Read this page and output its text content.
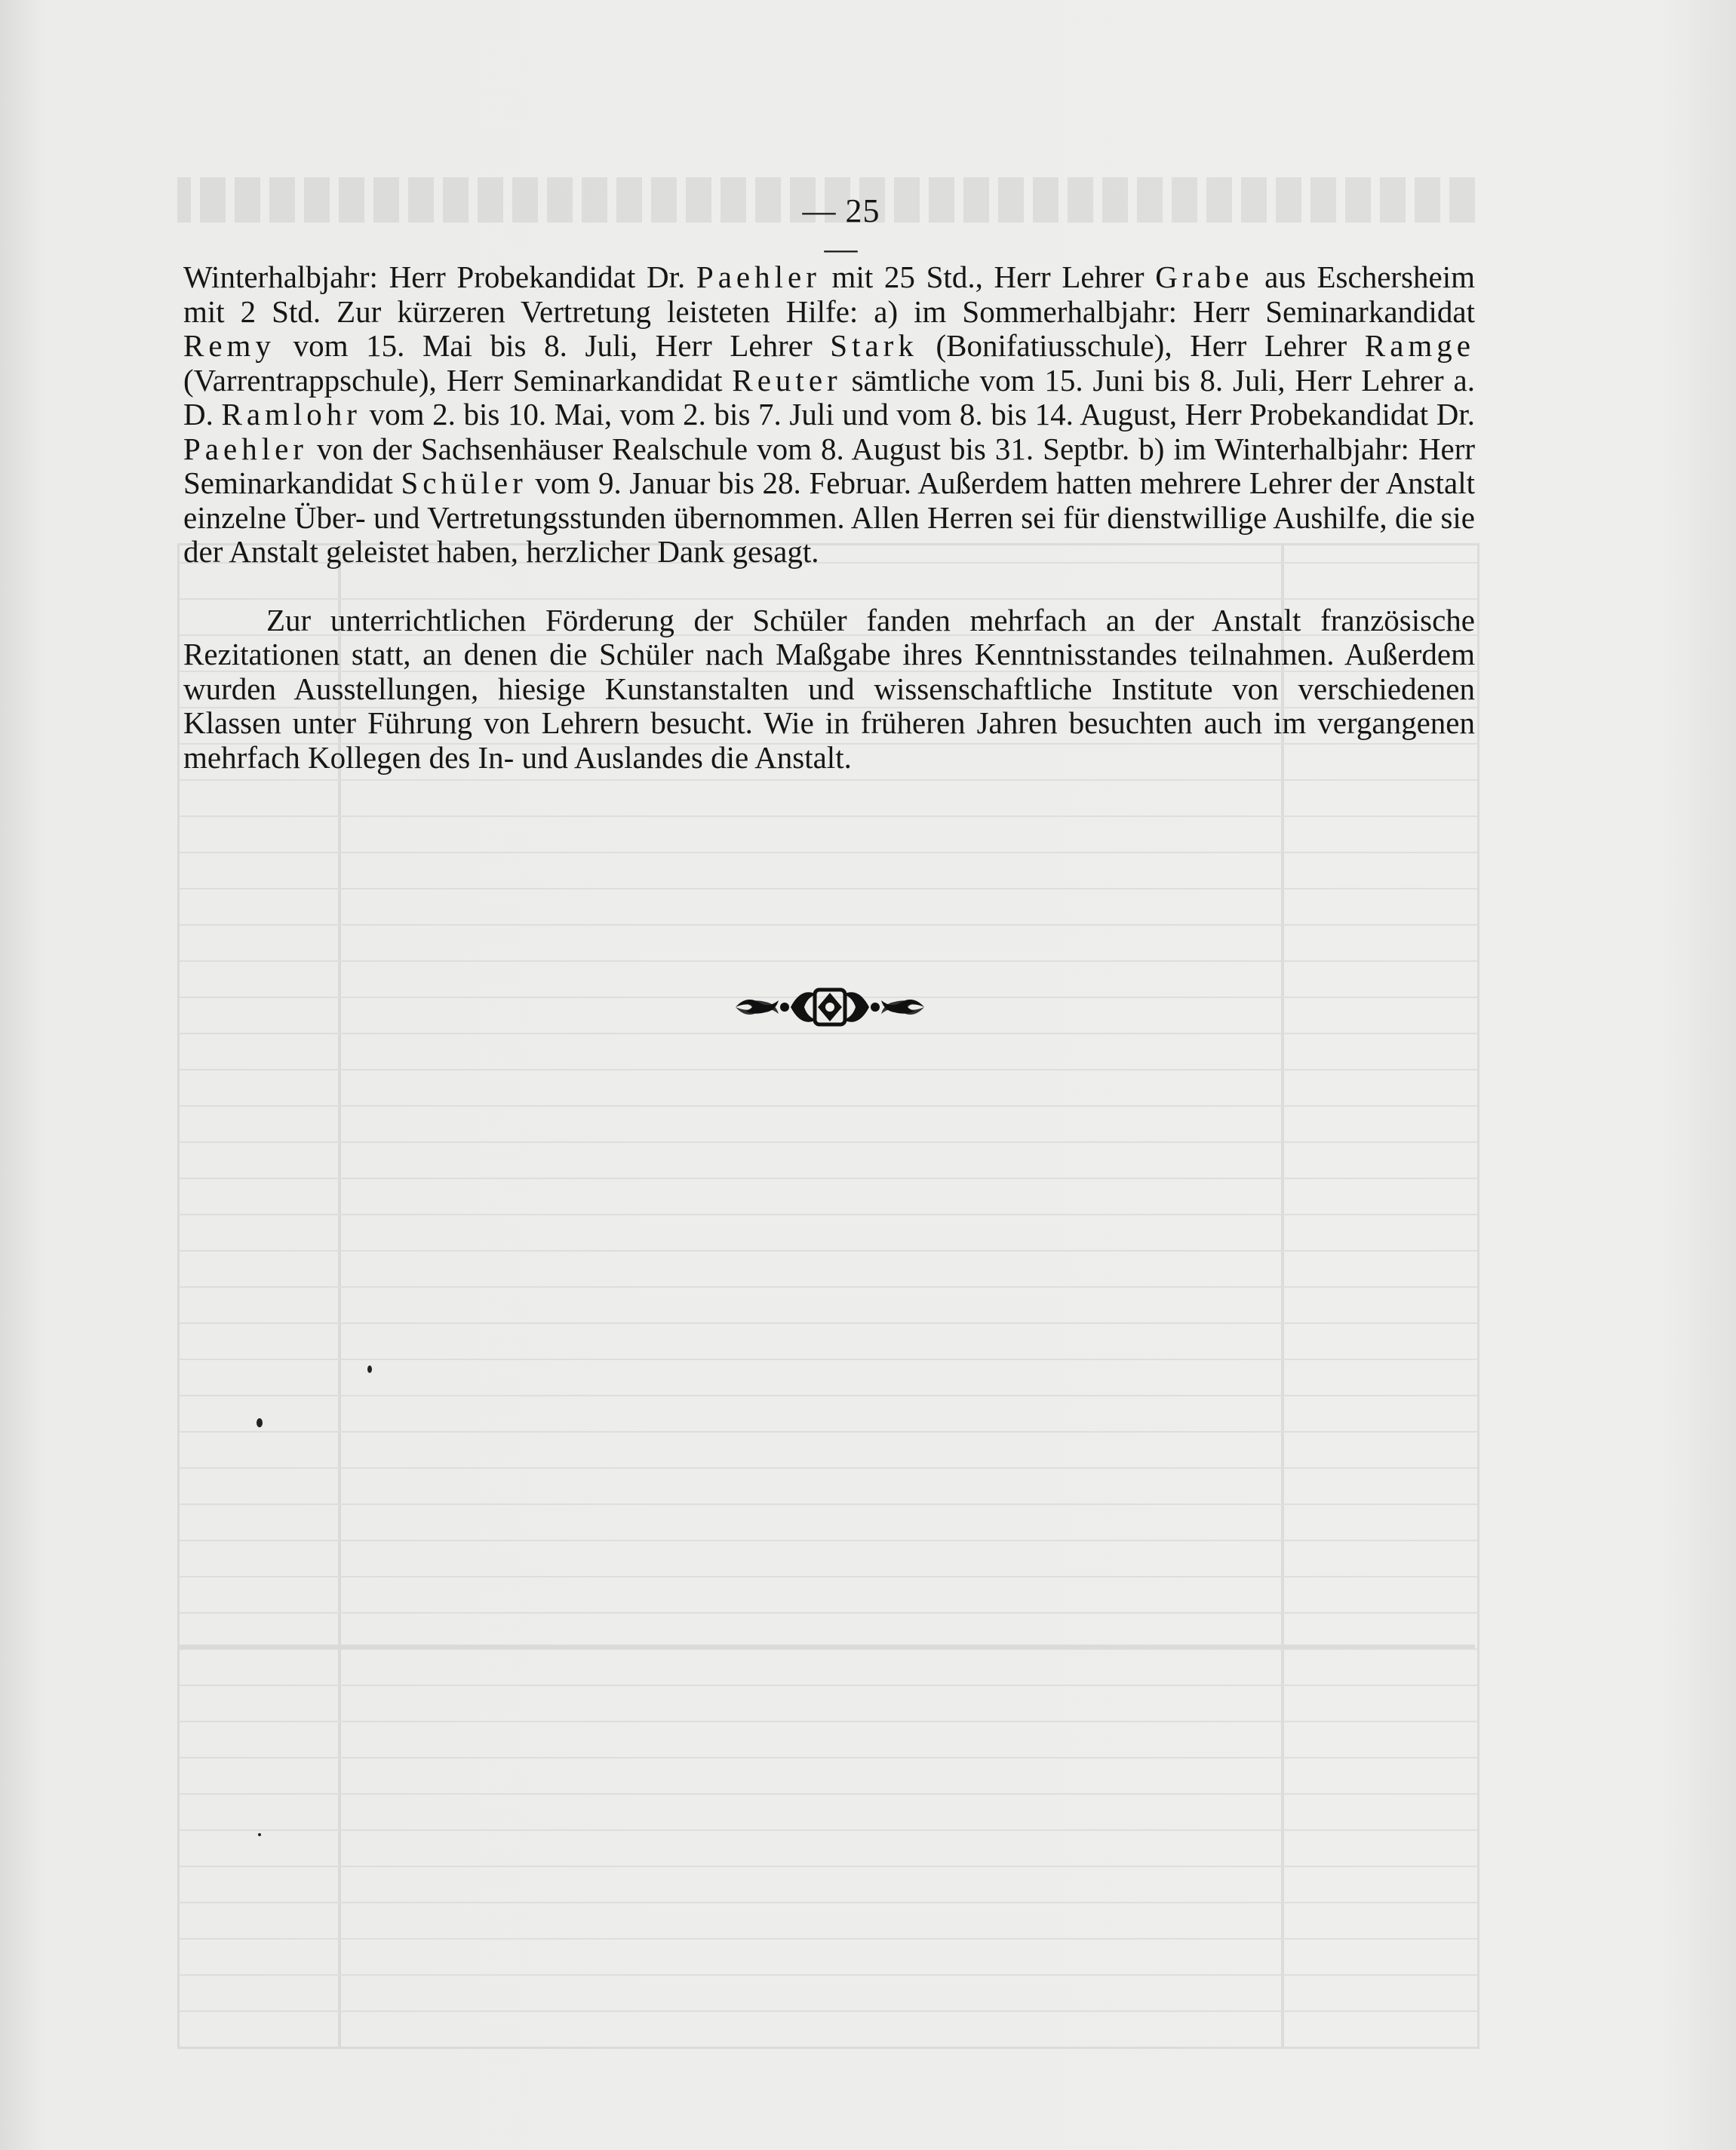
— 25 —

Winterhalbjahr: Herr Probekandidat Dr. Paehler mit 25 Std., Herr Lehrer Grabe aus Eschersheim mit 2 Std. Zur kürzeren Vertretung leisteten Hilfe: a) im Sommerhalbjahr: Herr Seminarkandidat Remy vom 15. Mai bis 8. Juli, Herr Lehrer Stark (Bonifatiusschule), Herr Lehrer Ramge (Varrentrappschule), Herr Seminarkandidat Reuter sämtliche vom 15. Juni bis 8. Juli, Herr Lehrer a. D. Ramlohr vom 2. bis 10. Mai, vom 2. bis 7. Juli und vom 8. bis 14. August, Herr Probekandidat Dr. Paehler von der Sachsenhäuser Realschule vom 8. August bis 31. Septbr. b) im Winterhalbjahr: Herr Seminarkandidat Schüler vom 9. Januar bis 28. Februar. Außerdem hatten mehrere Lehrer der Anstalt einzelne Über- und Vertretungsstunden übernommen. Allen Herren sei für dienstwillige Aushilfe, die sie der Anstalt geleistet haben, herzlicher Dank gesagt.

Zur unterrichtlichen Förderung der Schüler fanden mehrfach an der Anstalt französische Rezitationen statt, an denen die Schüler nach Maßgabe ihres Kenntnisstandes teilnahmen. Außerdem wurden Ausstellungen, hiesige Kunstanstalten und wissenschaftliche Institute von verschiedenen Klassen unter Führung von Lehrern besucht. Wie in früheren Jahren besuchten auch im vergangenen mehrfach Kollegen des In- und Auslandes die Anstalt.
